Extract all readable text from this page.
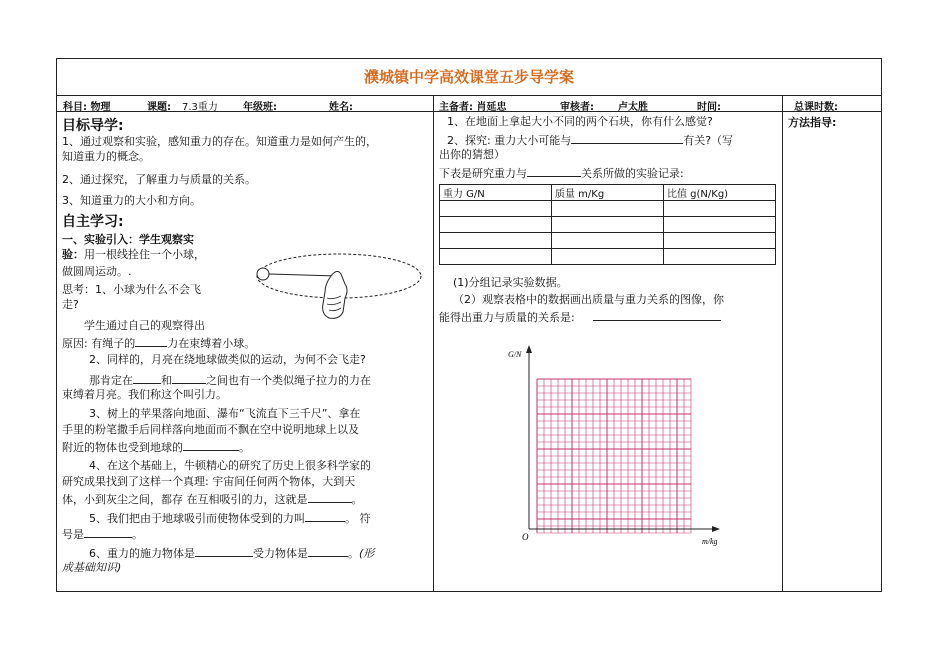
濮城镇中学高效课堂五步导学案
科目: 物理	课题: 7.3重力	年级班:	姓名:	主备者: 肖延忠	审核者: 卢太胜	时间:	总课时数:
目标导学:
1、通过观察和实验，感知重力的存在。知道重力是如何产生的，
知道重力的概念。
2、通过探究，了解重力与质量的关系。
3、知道重力的大小和方向。
自主学习:
一、实验引入：学生观察实
验：用一根线拴住一个小球，
做圆周运动。.
思考：1、小球为什么不会飞
走?
学生通过自己的观察得出
原因: 有绳子的	力在束缚着小球。
2、同样的，月亮在绕地球做类似的运动，为何不会飞走?
那肯定在	和	之间也有一个类似绳子拉力的力在
束缚着月亮。我们称这个叫引力。
3、树上的苹果落向地面、瀑布“飞流直下三千尺”、拿在
手里的粉笔撒手后同样落向地面而不飘在空中说明地球上以及
附近的物体也受到地球的	。
4、在这个基础上，牛顿精心的研究了历史上很多科学家的
研究成果找到了这样一个真理: 宇宙间任何两个物体，大到天
体，小到灰尘之间，都存 在互相吸引的力，这就是	。
5、我们把由于地球吸引而使物体受到的力叫	。 符
号是	。
6、重力的施力物体是	受力物体是	。(形
成基础知识)
1、在地面上拿起大小不同的两个石块，你有什么感觉?
2、探究: 重力大小可能与	有关?（写
出你的猜想）
下表是研究重力与	关系所做的实验记录:
重力 G/N	质量 m/Kg	比值 g(N/Kg)

(1)分组记录实验数据。
（2）观察表格中的数据画出质量与重力关系的图像，你
能得出重力与质量的关系是:
G/N
m/kg
O
方法指导:
